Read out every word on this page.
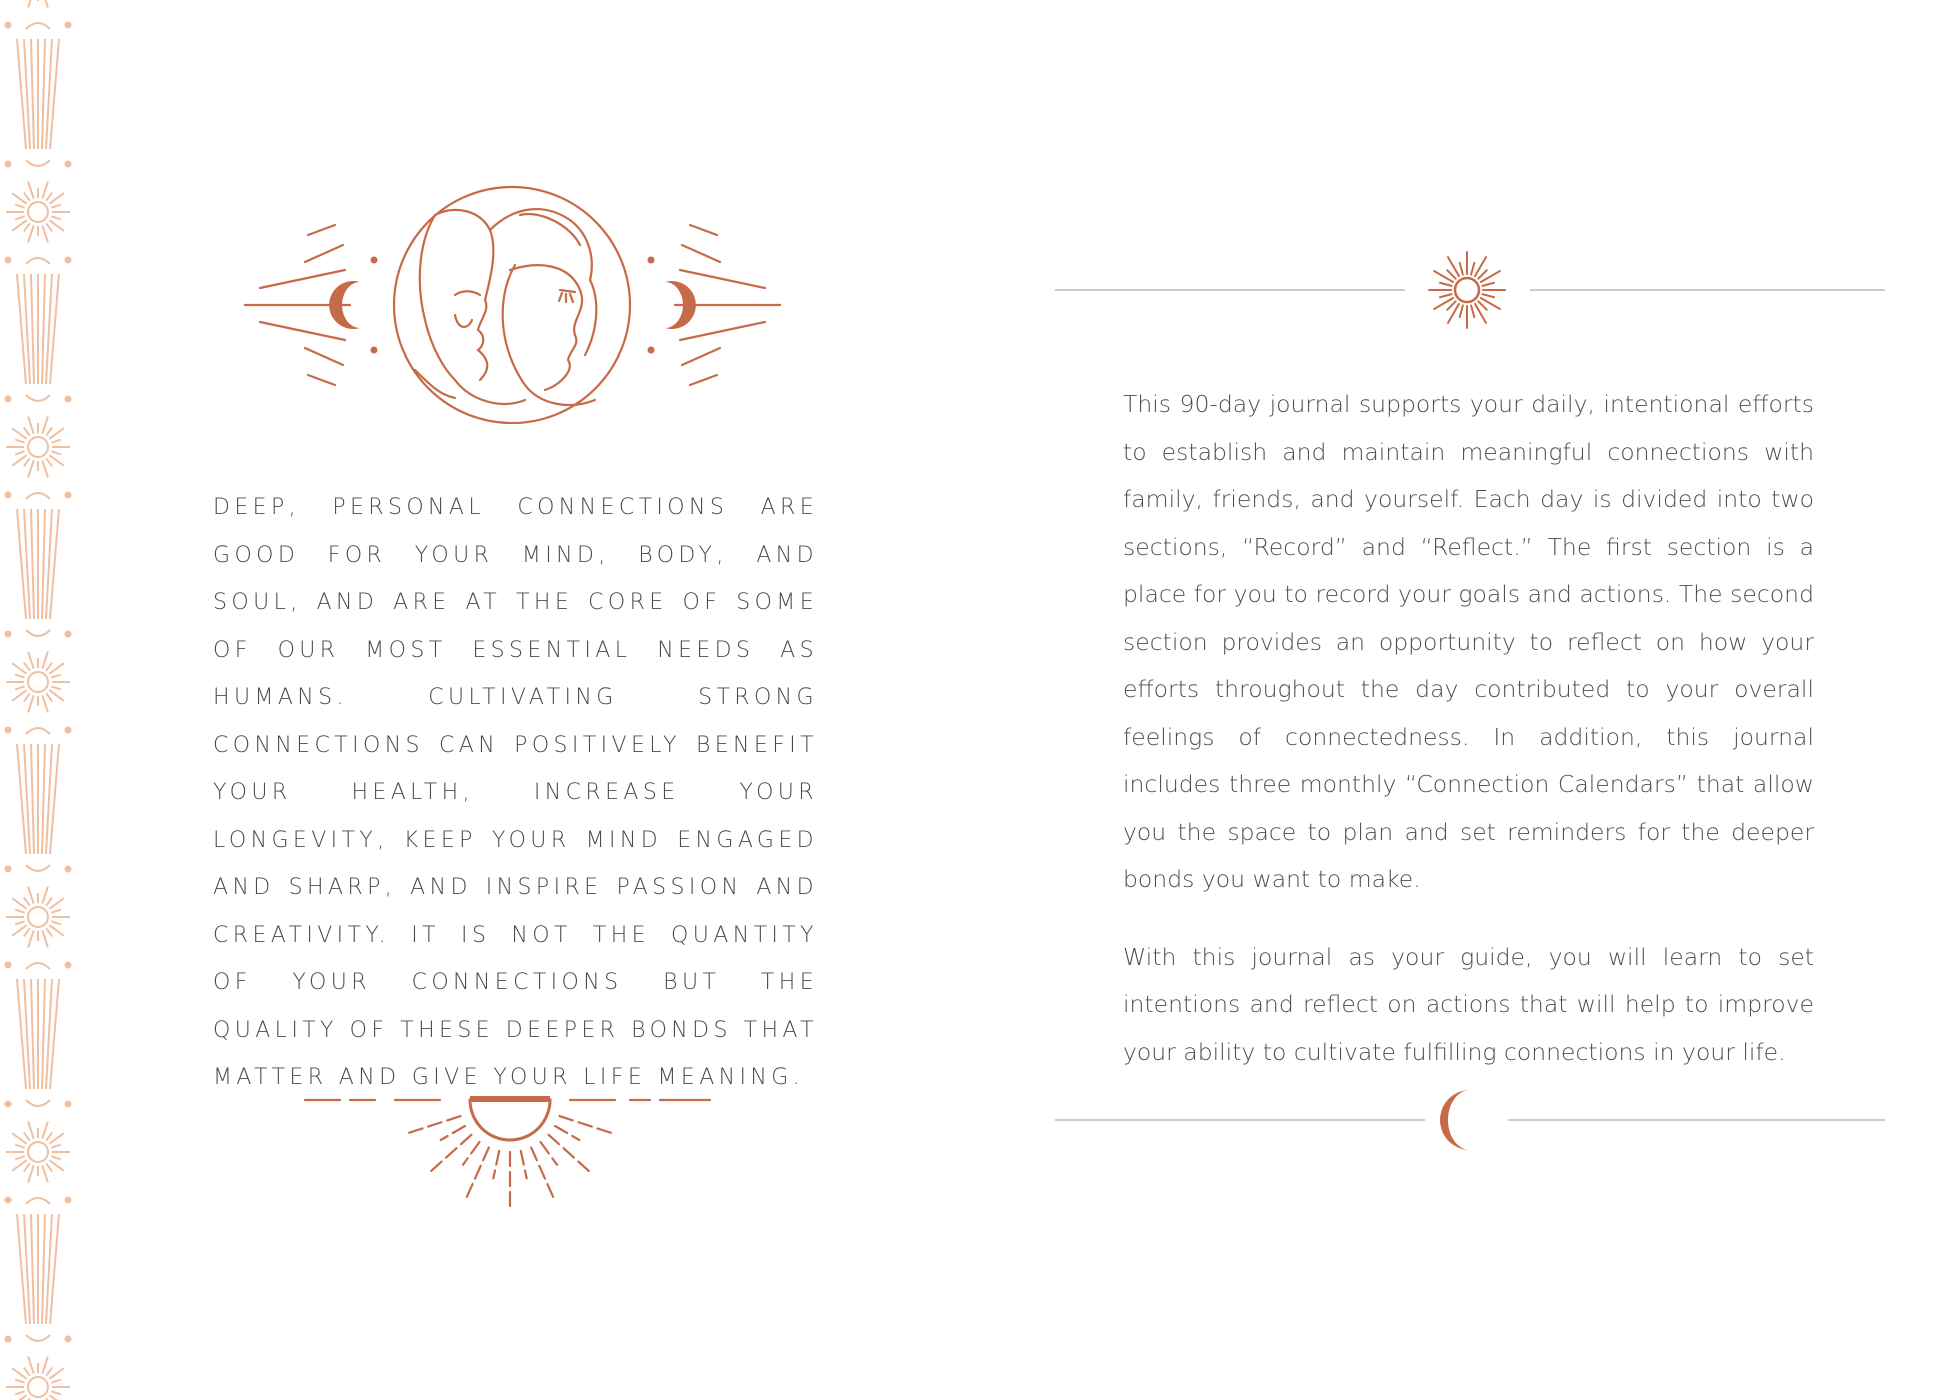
DEEP, PERSONAL CONNECTIONS ARE GOOD FOR YOUR MIND, BODY, AND SOUL, AND ARE AT THE CORE OF SOME OF OUR MOST ESSENTIAL NEEDS AS HUMANS. CULTIVATING STRONG CONNECTIONS CAN POSITIVELY BENEFIT YOUR HEALTH, INCREASE YOUR LONGEVITY, KEEP YOUR MIND ENGAGED AND SHARP, AND INSPIRE PASSION AND CREATIVITY. IT IS NOT THE QUANTITY OF YOUR CONNECTIONS BUT THE QUALITY OF THESE DEEPER BONDS THAT MATTER AND GIVE YOUR LIFE MEANING.

This 90-day journal supports your daily, intentional efforts to establish and maintain meaningful connections with family, friends, and yourself. Each day is divided into two sections, “Record” and “Reflect.” The first section is a place for you to record your goals and actions. The second section provides an opportunity to reflect on how your efforts throughout the day contributed to your overall feelings of connectedness. In addition, this journal includes three monthly “Connection Calendars” that allow you the space to plan and set reminders for the deeper bonds you want to make.

With this journal as your guide, you will learn to set intentions and reflect on actions that will help to improve your ability to cultivate fulfilling connections in your life.
